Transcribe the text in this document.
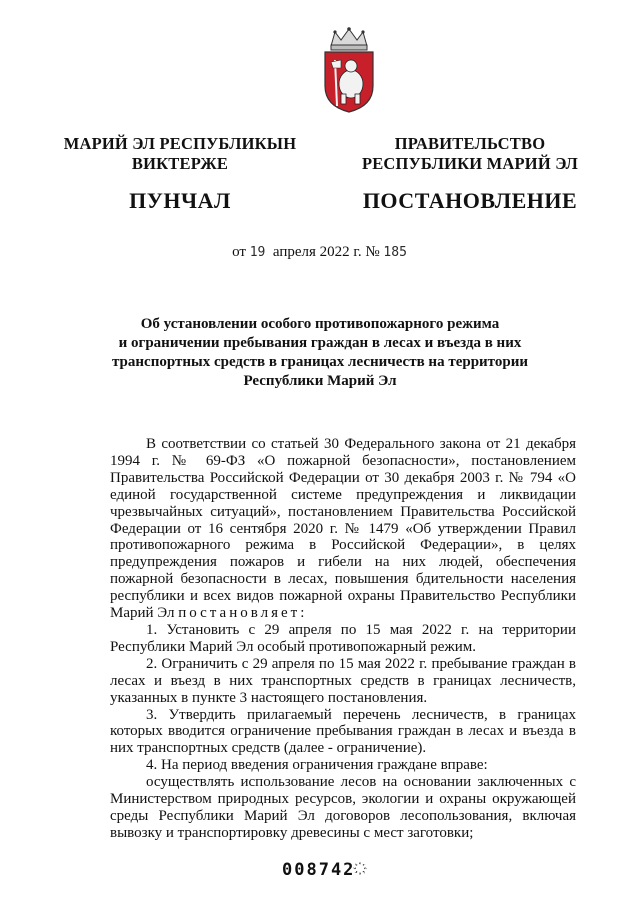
МАРИЙ ЭЛ РЕСПУБЛИКЫН
ВИКТЕРЖЕ
ПУНЧАЛ
ПРАВИТЕЛЬСТВО
РЕСПУБЛИКИ МАРИЙ ЭЛ
ПОСТАНОВЛЕНИЕ
от 19 апреля 2022 г. № 185
Об установлении особого противопожарного режима
и ограничении пребывания граждан в лесах и въезда в них
транспортных средств в границах лесничеств на территории
Республики Марий Эл

В соответствии со статьей 30 Федерального закона от 21 декабря 1994 г. № 69-ФЗ «О пожарной безопасности», постановлением Правительства Российской Федерации от 30 декабря 2003 г. № 794 «О единой государственной системе предупреждения и ликвидации чрезвычайных ситуаций», постановлением Правительства Российской Федерации от 16 сентября 2020 г. № 1479 «Об утверждении Правил противопожарного режима в Российской Федерации», в целях предупреждения пожаров и гибели на них людей, обеспечения пожарной безопасности в лесах, повышения бдительности населения республики и всех видов пожарной охраны Правительство Республики Марий Эл постановляет:

1. Установить с 29 апреля по 15 мая 2022 г. на территории Республики Марий Эл особый противопожарный режим.

2. Ограничить с 29 апреля по 15 мая 2022 г. пребывание граждан в лесах и въезд в них транспортных средств в границах лесничеств, указанных в пункте 3 настоящего постановления.

3. Утвердить прилагаемый перечень лесничеств, в границах которых вводится ограничение пребывания граждан в лесах и въезда в них транспортных средств (далее - ограничение).

4. На период введения ограничения граждане вправе:

осуществлять использование лесов на основании заключенных с Министерством природных ресурсов, экологии и охраны окружающей среды Республики Марий Эл договоров лесопользования, включая вывозку и транспортировку древесины с мест заготовки;

008742
